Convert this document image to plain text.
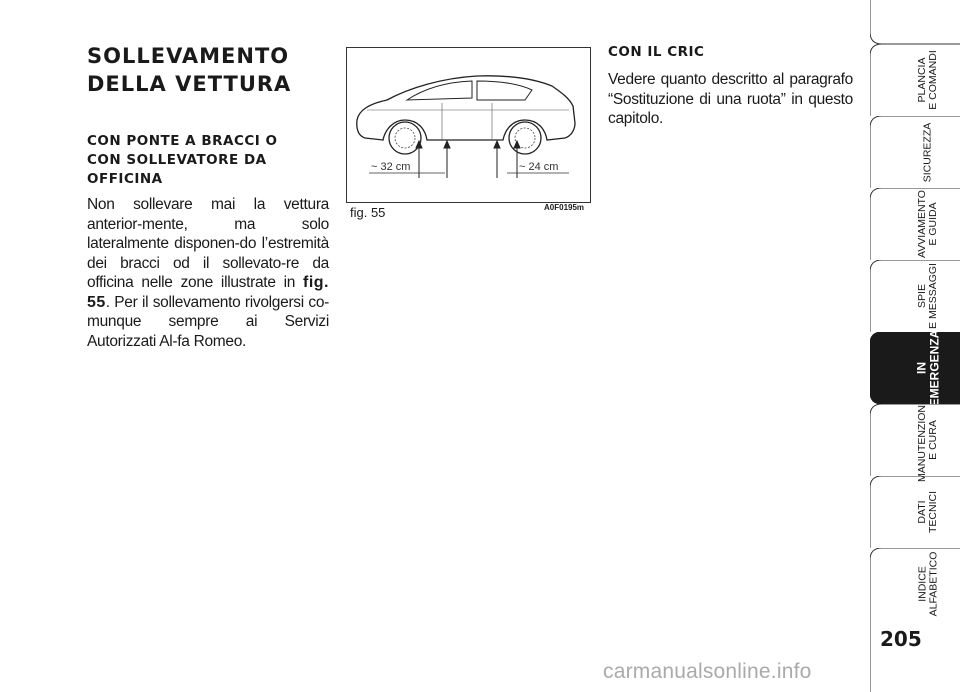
SOLLEVAMENTO
DELLA VETTURA
CON PONTE A BRACCI O
CON SOLLEVATORE DA
OFFICINA

Non sollevare mai la vettura anterior-mente, ma solo lateralmente disponen-do l’estremità dei bracci od il sollevato-re da officina nelle zone illustrate in fig. 55. Per il sollevamento rivolgersi co-munque sempre ai Servizi Autorizzati Al-fa Romeo.

~ 32 cm	~ 24 cm
fig. 55	A0F0195m
CON IL CRIC

Vedere quanto descritto al paragrafo “Sostituzione di una ruota” in questo capitolo.

PLANCIA
E COMANDI
SICUREZZA
AVVIAMENTO
E GUIDA
SPIE
E MESSAGGI
IN
EMERGENZA
MANUTENZIONE
E CURA
DATI
TECNICI
INDICE
ALFABETICO
205
carmanualsonline.info
